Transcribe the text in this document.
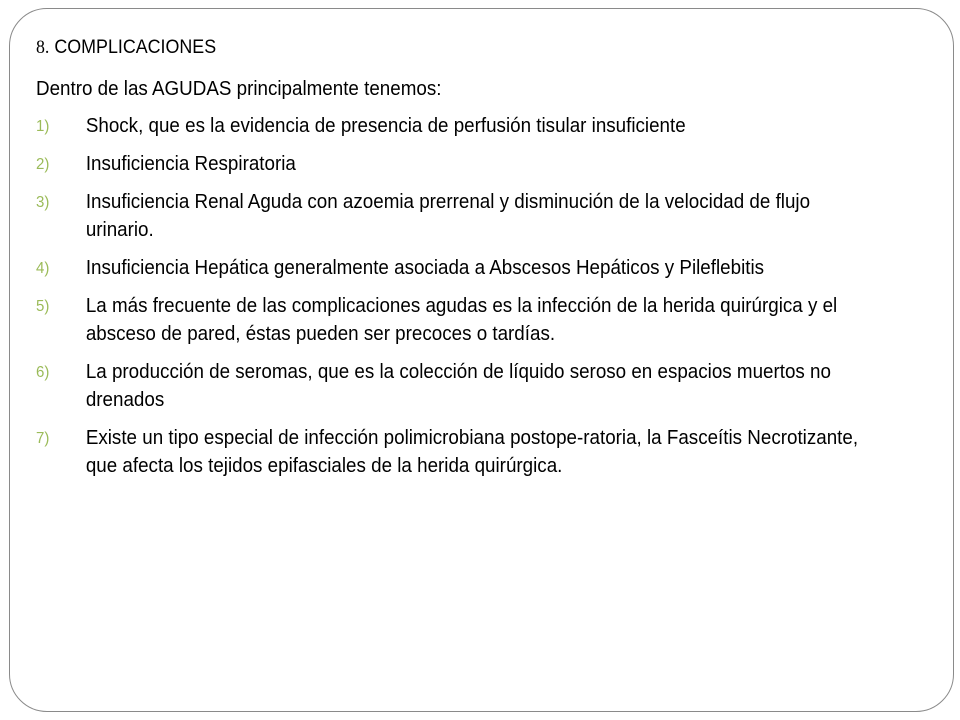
8. COMPLICACIONES
Dentro de las AGUDAS principalmente tenemos:
1) Shock, que es la evidencia de presencia de perfusión tisular insuficiente
2) Insuficiencia Respiratoria
3) Insuficiencia Renal Aguda con azoemia prerrenal y disminución de la velocidad de flujo urinario.
4) Insuficiencia Hepática generalmente asociada a Abscesos Hepáticos y Pileflebitis
5) La más frecuente de las complicaciones agudas es la infección de la herida quirúrgica y el absceso de pared, éstas pueden ser precoces o tardías.
6) La producción de seromas, que es la colección de líquido seroso en espacios muertos no drenados
7) Existe un tipo especial de infección polimicrobiana postope-ratoria, la Fasceítis Necrotizante, que afecta los tejidos epifasciales de la herida quirúrgica.
